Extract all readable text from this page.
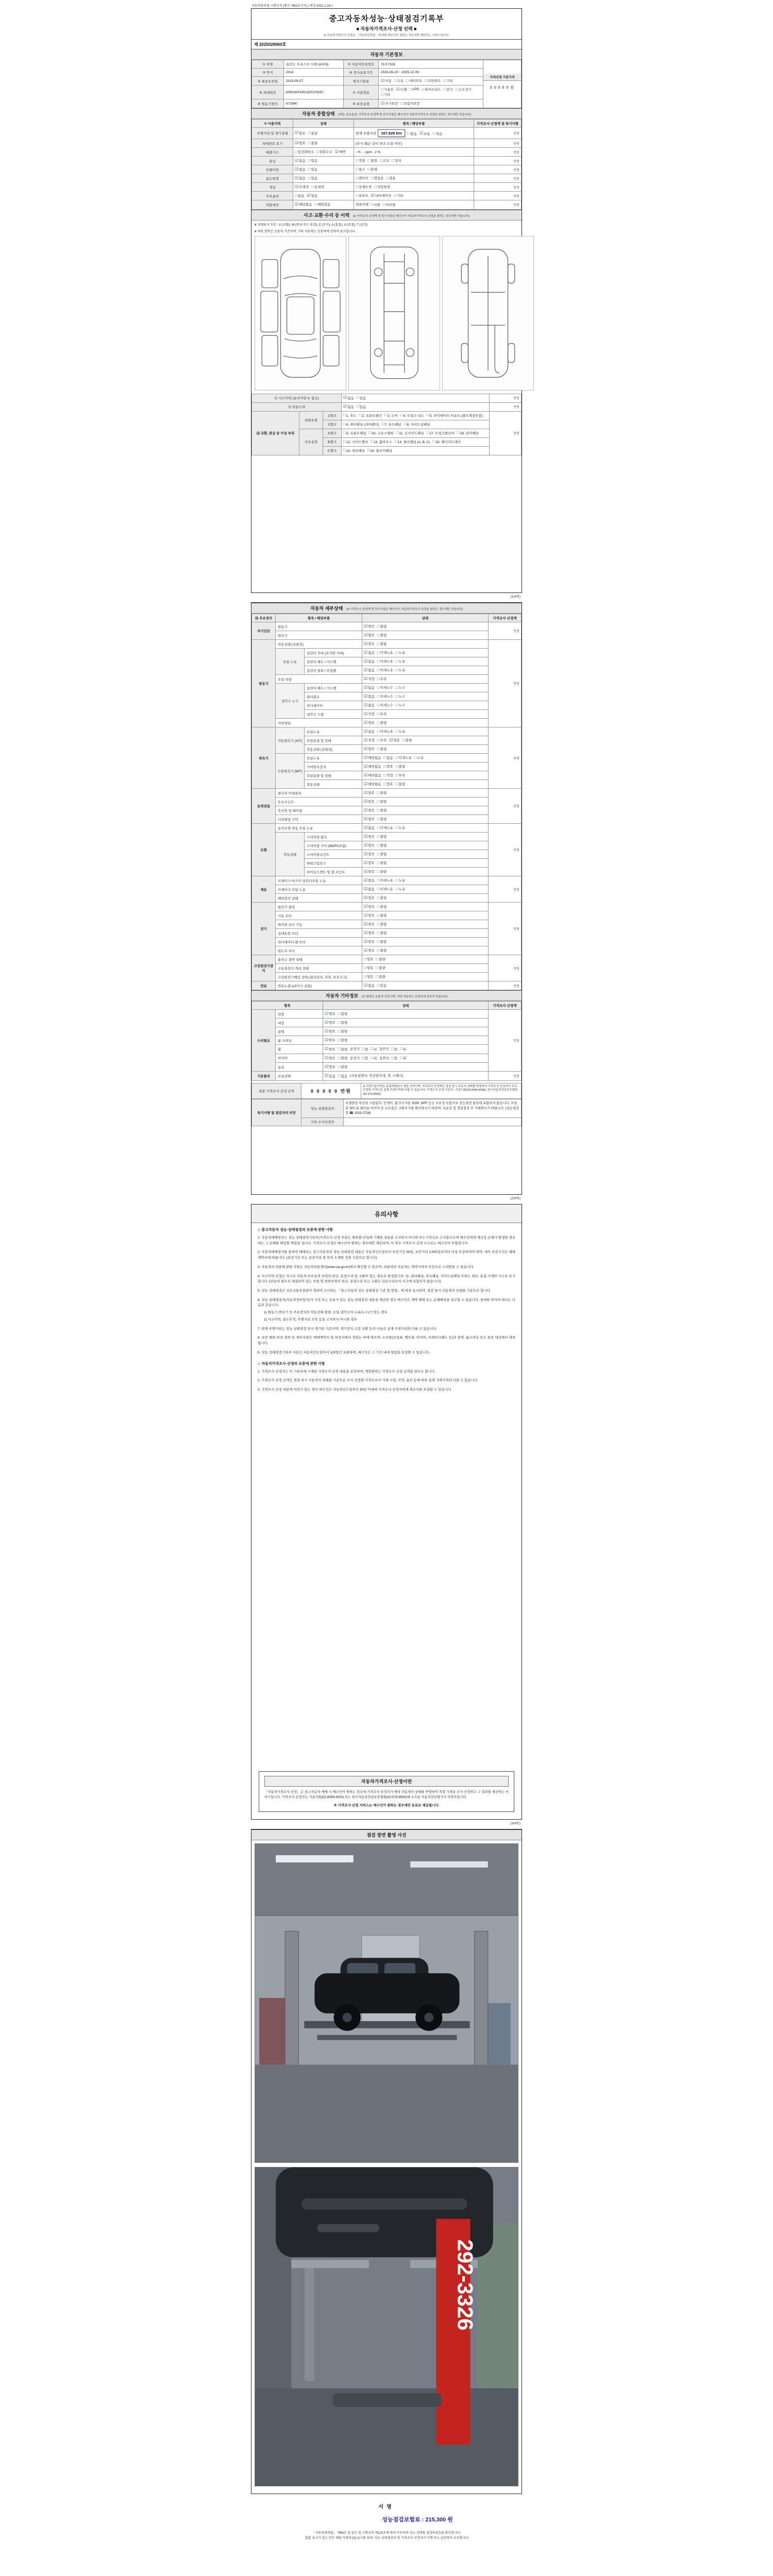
자동차관리법 시행규칙 [별지 제82호서식] <개정 2021.1.19.>
중고자동차성능·상태점검기록부
■ 자동차가격조사·산정 선택 ■
※ 자동차가격조사·산정은 「자동차관리법」에 따라 매수인이 원하는 경우에만 제공하는 서비스입니다.
제 2025029060호
자동차 기본정보
① 차명	올란도 투리스모 디젤 (4세대)	② 자동차등록번호	71부7202	가격산정 기준가격
0 0 0 0 0 원

③ 연식	2014	④ 검사유효기간	2025-06-10 ~ 2025-12-09	
⑤ 최초등록일	2013-09-27	변속기종류	☑ 자동 □ 수동 □ 세미오토 □ 무단변속 □ 기타

⑥ 차대번호	KPDANTARV1EP379257	⑦ 사용연료	
□ 가솔린 ☑ 디젤 □ LPG □ 하이브리드 □ 전기 □ 수소전기
□ 기타

⑧ 원동기형식	671960	⑨ 보증유형	☑ 자가보증 □ 보험사보증	
자동차 종합상태 (색상, 주요옵션, 가격조사·산정액 및 특기사항은 매수인이 자동차가격조사·산정을 원하는 경우에만 적습니다)
⑩ 사용이력	상태	항목 / 해당부품	가격조사·산정액 및 특기사항
주행거리 및 계기상태	☑ 양호 □ 불량	현재 주행거리 167,629 km □ 많음 ☑ 보통 □ 적음	만원
차대번호 표기	☑ 양호 □ 불량	(부식·훼손·상이·변조·도말 여부)	만원
배출가스	□ 일산화탄소 □ 탄화수소 ☑ 매연	- % , - ppm , 2 %	만원
튜닝	☑ 없음 □ 있음	□ 적법 □ 불법 □ 구조 □ 장치	만원
특별이력	☑ 없음 □ 있음	□ 침수 □ 화재	만원
용도변경	☑ 없음 □ 있음	□ 렌터카 □ 영업용 □ 관용	만원
색상	☑ 무채색 □ 유채색	□ 전체도색 □ 색상변경	만원
주요옵션	□ 없음 ☑ 있음	□ 썬루프 ☑ 네비게이션 □ 기타	만원
리콜대상	☑ 해당없음 □ 해당있음	리콜이행 □ 이행 □ 미이행	만원
사고·교환·수리 등 이력 (※ 가격조사·산정액 및 특기사항은 매수인이 자동차가격조사·산정을 원하는 경우에만 적습니다)
※ 상태표시 부호 : X (교환), W (판금 또는 용접), C (부식), A (흠집), U (요철), T (손상)
※ 하단 항목은 승용차 기준이며, 기타 자동차는 승용차에 준하여 표시합니다.
⑪ 사고이력 (유의사항 4. 참조)			☑ 없음 □ 있음	만원
⑫ 단순수리			☑ 없음 □ 있음	만원
⑬ 교환, 판금 등 이상 부위	외판부위	1랭크	□ 1. 후드 □ 2. 프론트펜더 □ 3. 도어 □ 4. 트렁크 리드 □ 5. 라디에이터 서포트 (볼트체결부품)
	만원
2랭크	□ 6. 쿼터패널 (리어펜더) □ 7. 루프패널 □ 8. 사이드실패널

주요골격	A랭크	□ 9. 프론트패널 □ 10. 크로스멤버 □ 11. 인사이드패널 □ 17. 트렁크플로어 □ 18. 리어패널

B랭크	□ 12. 사이드멤버 □ 13. 휠하우스 □ 14. 필러패널 (A, B, C) □ 19. 패키지트레이

		C랭크	□ 15. 대쉬패널 □ 16. 플로어패널	
(1/4쪽)
자동차 세부상태 (※ 가격조사·산정액 및 특기사항은 매수인이 자동차가격조사·산정을 원하는 경우에만 적습니다)
⑭ 주요장치	항목 / 해당부품		상태	가격조사·산정액
자기진단	원동기		☑ 양호 □ 불량	만원
	변속기		☑ 양호 □ 불량	

원동기	작동상태 (공회전)		☑ 양호 □ 불량	만원
오일 누유	실린더 커버 (로커암 커버)	☑ 없음 □ 미세누유 □ 누유

실린더 헤드 / 가스켓	☑ 없음 □ 미세누유 □ 누유

실린더 블록 / 오일팬	☑ 없음 □ 미세누유 □ 누유

	오일 유량		☑ 적정 □ 부족	

냉각수 누수	실린더 헤드 / 가스켓	☑ 없음 □ 미세누수 □ 누수

워터펌프	☑ 없음 □ 미세누수 □ 누수

라디에이터	☑ 없음 □ 미세누수 □ 누수

		냉각수 수량	☑ 적정 □ 부족	

	커먼레일		☑ 양호 □ 불량	

변속기	자동변속기 (A/T)	오일누유	☑ 없음 □ 미세누유 □ 누유
	만원
오일유량 및 상태	☑ 적정 □ 부족 ☑ 양호 □ 불량

		작동상태 (공회전)	☑ 양호 □ 불량	

수동변속기 (M/T)	오일누유	☑ 해당없음 □ 없음 □ 미세누유 □ 누유

기어변속장치	☑ 해당없음 □ 양호 □ 불량

오일유량 및 상태	☑ 해당없음 □ 적정 □ 부족

작동상태	☑ 해당없음 □ 양호 □ 불량

동력전달	클러치 어셈블리		☑ 양호 □ 불량	만원
	등속조인트		☑ 양호 □ 불량	

	추진축 및 베어링		☑ 양호 □ 불량	

	디퍼렌셜 기어		☑ 양호 □ 불량	

조향	동력조향 작동 오일 누유	☑ 없음 □ 미세누유 □ 누유
	만원
	작동상태	스티어링 펌프	☑ 양호 □ 불량	

		스티어링 기어 (MDPS포함)	☑ 양호 □ 불량	

		스티어링조인트	☑ 양호 □ 불량	

		파워고압호스	☑ 양호 □ 불량	

		타이로드엔드 및 볼 조인트	☑ 양호 □ 불량	

제동	브레이크 마스터 실린더오일 누유	☑ 없음 □ 미세누유 □ 누유
	만원
브레이크 오일 누유	☑ 없음 □ 미세누유 □ 누유

	배력장치 상태		☑ 양호 □ 불량	

전기	발전기 출력		☑ 양호 □ 불량	만원
	시동 모터		☑ 양호 □ 불량	

	와이퍼 모터 기능		☑ 양호 □ 불량	

	실내송풍 모터		☑ 양호 □ 불량	

	라디에이터 팬 모터		☑ 양호 □ 불량	

	윈도우 모터		☑ 양호 □ 불량	

고전원전기장치	충전구 절연 상태		□ 양호 □ 불량	만원
	구동축전지 격리 상태		□ 양호 □ 불량	

	고전원전기배선 상태 (접속단자, 피복, 보호기구)		□ 양호 □ 불량	

연료	연료누출 (LP가스 포함)		☑ 없음 □ 있음	만원
자동차 기타정보 (⑮ 항목은 승용차 기준이며, 기타 자동차는 승용차에 준하여 적습니다)
항목		상태	가격조사·산정액
수리필요	외장	☑ 양호 □ 불량	만원
	내장	☑ 양호 □ 불량	

	광택	☑ 양호 □ 불량	

	룸 크리닝	☑ 양호 □ 불량	

휠	☑ 양호 □ 불량 운전석 □ 앞 □ 뒤 동반석 □ 앞 □ 뒤

타이어	☑ 양호 □ 불량 운전석 □ 앞 □ 뒤 동반석 □ 앞 □ 뒤

	유리	☑ 양호 □ 불량	

기본품목	보유상태	☑ 있음 □ 없음 (사용설명서, 안전삼각대, 잭, 스패너)	만원
최종 가격조사·산정 금액	0 0 0 0 0 만원	※ 차량기준가액은 보험개발원이 정한 가격이며, 가격조사·산정액은 점검 당시 자동차 상태를 반영하여 가격조사·산정자가 조사·산정한 가격으로 실제 거래가격과 다를 수 있습니다. 가격조사·산정 기준서 : 기술사회(02-6009-4000), 한국자동차진단보증협회(02-579-8500)
특기사항 및 점검자의 의견	성능·상태점검자	디젤엔진 특성상 고압펌프, 인젝터, 흡기다기관, EGR, DPF 등은 소모성 부품으로 성능점검 항목에 포함되지 않습니다. 오일류·벨트류·필터류·타이어 등 소모품은 교환주기를 확인하시기 바라며, 시운전 및 정밀점검 후 거래하시기 바랍니다. (성능점검장 ☎ 1533-2726)
	가격·조사산정자	-
(2/4쪽)
유의사항
◇ 중고자동차 성능·상태점검의 보증에 관한 사항
1. 자동차매매업자는 성능·상태점검기록부(가격조사·산정 부분은 제외합니다)에 기재된 내용을 고지하지 아니하거나 거짓으로 고지함으로써 매수인에게 재산상 손해가 발생한 경우에는 그 손해를 배상할 책임을 집니다. 가격조사·산정은 매수인이 원하는 경우에만 제공되며, 이 경우 가격조사·산정 수수료는 매수인이 부담합니다.
2. 자동차매매업자를 통하여 매매되는 중고자동차의 성능·상태점검 내용은 자동차인도일부터 보증기간 30일, 보증거리 2,000킬로미터 이상 보증하여야 하며, 세부 보증조건은 매매계약서에 따릅니다. (보증기간 또는 보증거리 중 먼저 도래한 것을 기준으로 합니다)
3. 자동차의 리콜에 관한 사항은 자동차리콜센터(www.car.go.kr)에서 확인할 수 있으며, 리콜대상 자동차는 제작사에서 무상으로 수리받을 수 있습니다.
4. 사고이력 인정은 사고로 자동차 주요골격 부위의 판금, 용접수리 및 교환이 있는 경우로 한정합니다. 단, 쿼터패널, 루프패널, 사이드실패널 부위는 절단, 용접 시에만 사고로 표기합니다. (단순히 볼트로 체결되어 있는 부품 및 외판부위의 판금, 용접수리 또는 교환은 단순수리로서 사고에 포함되지 않습니다)
5. 성능·상태점검은 국토교통부장관이 정하여 고시하는 「중고자동차 성능·상태점검 기준 및 방법」에 따라 실시하며, 점검 당시 자동차의 상태를 기준으로 합니다.
6. 성능·상태점검자(자동차정비업자)가 거짓 또는 오류가 있는 성능·상태점검 내용을 제공한 경우 매수인은 계약 해제 또는 손해배상을 청구할 수 있습니다. 중대한 하자의 예시는 다음과 같습니다.
1) 원동기·변속기 등 주요장치의 작동상태 불량, 오일·냉각수의 누유(누수)가 있는 경우
2) 사고이력, 침수흔적, 주행거리 조작 등을 고지하지 아니한 경우
7. 현재 주행거리는 성능·상태점검 당시 계기판 기준이며, 계기장치 고장·교환 등의 사유로 실제 주행거리와 다를 수 있습니다.
8. 보증 범위·보증 절차 등 세부사항은 매매계약서 및 보증서에서 정하는 바에 따르며, 소모품(오일류, 벨트류, 타이어, 브레이크패드 등)과 광택, 룸크리닝 등은 보증 대상에서 제외됩니다.
9. 성능·상태점검기록부 사본은 자동차인도일부터 120일간 보관하며, 매수인은 그 기간 내에 열람을 요청할 수 있습니다.
◇ 자동차가격조사·산정의 보증에 관한 사항
1. 가격조사·산정자는 이 기록부에 기재된 가격조사·산정 내용을 보증하며, 책임범위는 가격조사·산정 금액을 한도로 합니다.
2. 가격조사·산정 금액은 점검 당시 자동차의 상태를 기준으로 조사·산정한 가격으로서 거래 시점, 지역, 옵션 등에 따라 실제 거래가격과 다를 수 있습니다.
3. 가격조사·산정 내용에 이의가 있는 경우 매수인은 자동차인도일부터 30일 이내에 가격조사·산정자에게 재조사를 요청할 수 있습니다.
자동차가격조사·산정이란
「자동차가격조사·산정」은 중고자동차 매매 시 매수인이 원하는 경우에 가격조사·산정자가 해당 자동차의 상태를 반영하여 적정 가격을 조사·산정하고 그 결과를 제공하는 서비스입니다. 가격조사·산정자는 기술사회(02-6009-4000) 또는 한국자동차진단보증협회(02-579-8500)에 소속된 자동차진단평가사 자격자입니다.
※ 가격조사·산정 서비스는 매수인이 원하는 경우에만 유료로 제공됩니다.
(3/4쪽)
점검 장면 촬영 사진
292-3326
서명
성능점검보험료 : 215,300 원
「자동차관리법」 제58조 및 같은 법 시행규칙 제120조에 따라 자동차의 성능·상태를 점검하였음을 확인합니다.
【V】표시가 있는 란은 해당 사항에 [V] 표시를 하며, 성능·상태점검자 및 가격조사·산정자가 서명 또는 날인하여 교부합니다.
